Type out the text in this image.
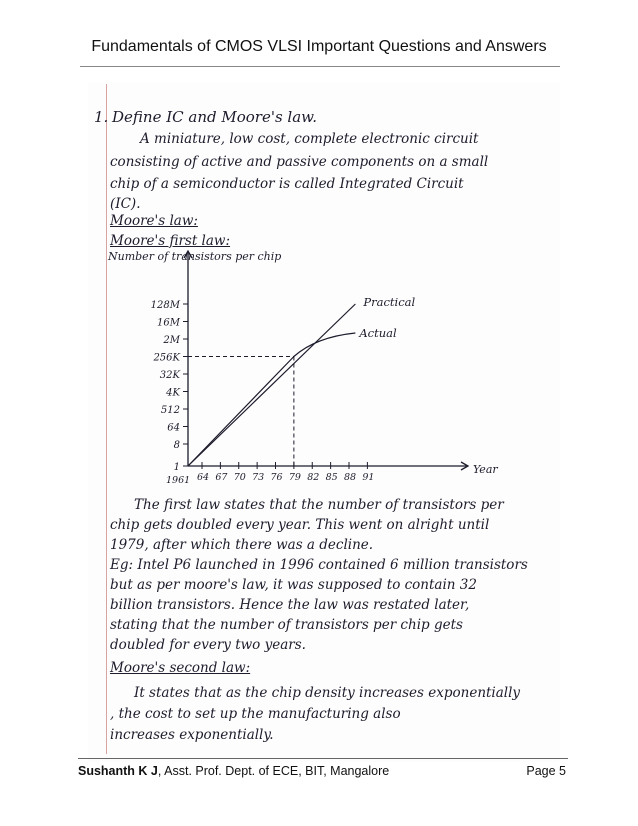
Fundamentals of CMOS VLSI Important Questions and Answers
1. Define IC and Moore's law.
A miniature, low cost, complete electronic circuit
consisting of active and passive components on a small
chip of a semiconductor is called Integrated Circuit
(IC).
Moore's law:
Moore's first law:
Number of transistors per chip
1
8
64
512
4K
32K
256K
2M
16M
128M
1961 64 67 70 73 76 79 82 85 88 91
Practical
Actual
Year
The first law states that the number of transistors per
chip gets doubled every year. This went on alright until
1979, after which there was a decline.
Eg: Intel P6 launched in 1996 contained 6 million transistors
but as per moore's law, it was supposed to contain 32
billion transistors. Hence the law was restated later,
stating that the number of transistors per chip gets
doubled for every two years.
Moore's second law:
It states that as the chip density increases exponentially
, the cost to set up the manufacturing also
increases exponentially.
Sushanth K J, Asst. Prof. Dept. of ECE, BIT, Mangalore	Page 5
